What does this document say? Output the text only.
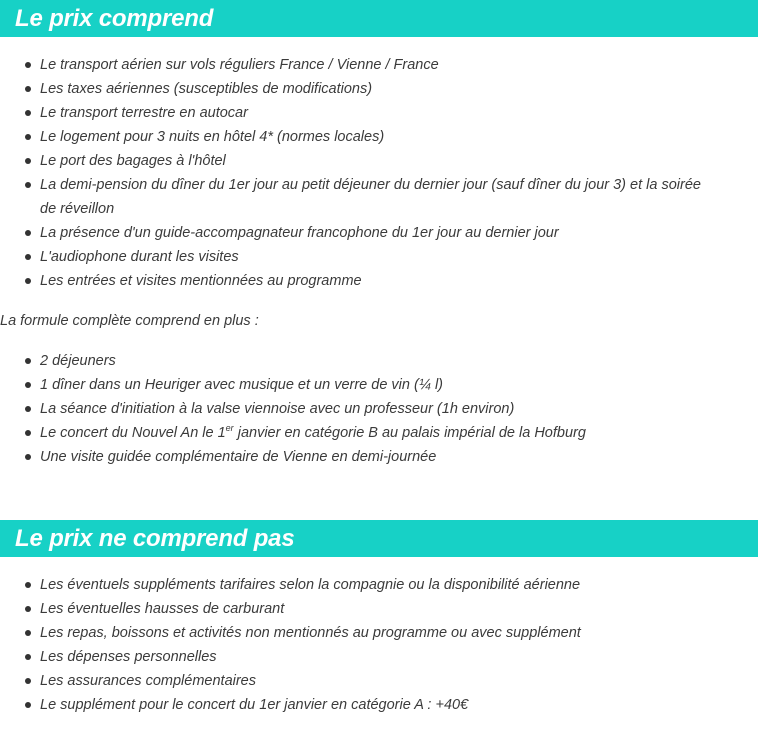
Le prix comprend
Le transport aérien sur vols réguliers France / Vienne / France
Les taxes aériennes (susceptibles de modifications)
Le transport terrestre en autocar
Le logement pour 3 nuits en hôtel 4* (normes locales)
Le port des bagages à l'hôtel
La demi-pension du dîner du 1er jour au petit déjeuner du dernier jour (sauf dîner du jour 3) et la soirée de réveillon
La présence d'un guide-accompagnateur francophone du 1er jour au dernier jour
L'audiophone durant les visites
Les entrées et visites mentionnées au programme

La formule complète comprend en plus :

2 déjeuners
1 dîner dans un Heuriger avec musique et un verre de vin (¼ l)
La séance d'initiation à la valse viennoise avec un professeur (1h environ)
Le concert du Nouvel An le 1er janvier en catégorie B au palais impérial de la Hofburg
Une visite guidée complémentaire de Vienne en demi-journée
Le prix ne comprend pas
Les éventuels suppléments tarifaires selon la compagnie ou la disponibilité aérienne
Les éventuelles hausses de carburant
Les repas, boissons et activités non mentionnés au programme ou avec supplément
Les dépenses personnelles
Les assurances complémentaires
Le supplément pour le concert du 1er janvier en catégorie A : +40€
